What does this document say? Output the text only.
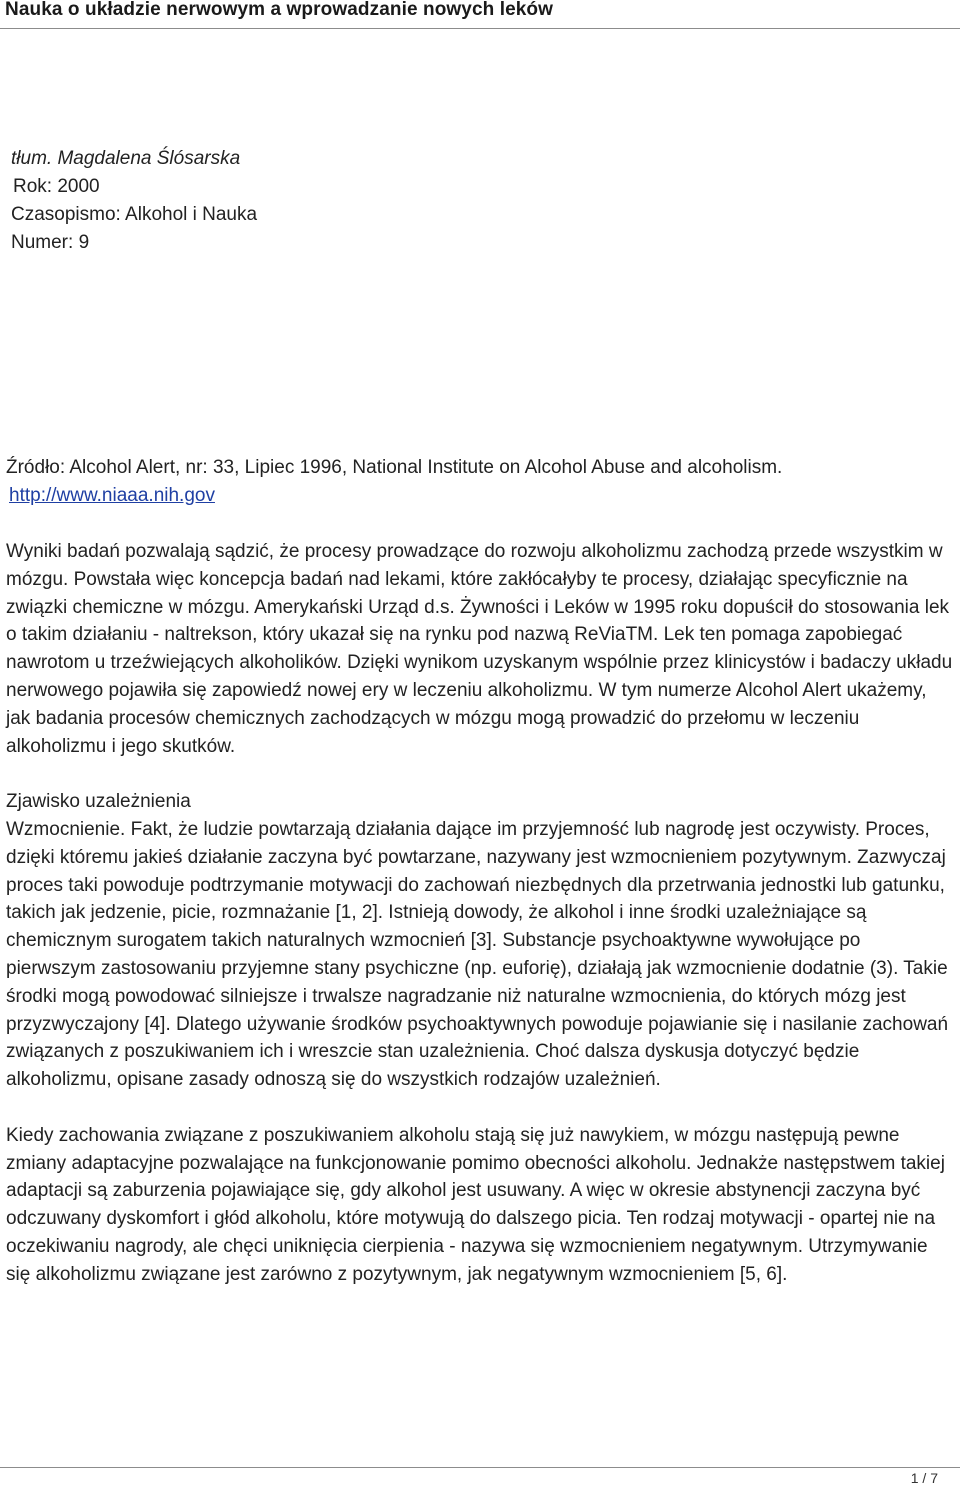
Nauka o układzie nerwowym a wprowadzanie nowych leków
tłum. Magdalena Ślósarska
Rok: 2000
Czasopismo: Alkohol i Nauka
Numer: 9
Źródło: Alcohol Alert, nr: 33, Lipiec 1996, National Institute on Alcohol Abuse and alcoholism.
http://www.niaaa.nih.gov

Wyniki badań pozwalają sądzić, że procesy prowadzące do rozwoju alkoholizmu zachodzą przede wszystkim w mózgu. Powstała więc koncepcja badań nad lekami, które zakłócałyby te procesy, działając specyficznie na związki chemiczne w mózgu. Amerykański Urząd d.s. Żywności i Leków w 1995 roku dopuścił do stosowania lek o takim działaniu - naltrekson, który ukazał się na rynku pod nazwą ReViaTM. Lek ten pomaga zapobiegać nawrotom u trzeźwiejących alkoholików. Dzięki wynikom uzyskanym wspólnie przez klinicystów i badaczy układu nerwowego pojawiła się zapowiedź nowej ery w leczeniu alkoholizmu. W tym numerze Alcohol Alert ukażemy, jak badania procesów chemicznych zachodzących w mózgu mogą prowadzić do przełomu w leczeniu alkoholizmu i jego skutków.

Zjawisko uzależnienia

Wzmocnienie. Fakt, że ludzie powtarzają działania dające im przyjemność lub nagrodę jest oczywisty. Proces, dzięki któremu jakieś działanie zaczyna być powtarzane, nazywany jest wzmocnieniem pozytywnym. Zazwyczaj proces taki powoduje podtrzymanie motywacji do zachowań niezbędnych dla przetrwania jednostki lub gatunku, takich jak jedzenie, picie, rozmnażanie [1, 2]. Istnieją dowody, że alkohol i inne środki uzależniające są chemicznym surogatem takich naturalnych wzmocnień [3]. Substancje psychoaktywne wywołujące po pierwszym zastosowaniu przyjemne stany psychiczne (np. euforię), działają jak wzmocnienie dodatnie (3). Takie środki mogą powodować silniejsze i trwalsze nagradzanie niż naturalne wzmocnienia, do których mózg jest przyzwyczajony [4]. Dlatego używanie środków psychoaktywnych powoduje pojawianie się i nasilanie zachowań związanych z poszukiwaniem ich i wreszcie stan uzależnienia. Choć dalsza dyskusja dotyczyć będzie alkoholizmu, opisane zasady odnoszą się do wszystkich rodzajów uzależnień.

Kiedy zachowania związane z poszukiwaniem alkoholu stają się już nawykiem, w mózgu następują pewne zmiany adaptacyjne pozwalające na funkcjonowanie pomimo obecności alkoholu. Jednakże następstwem takiej adaptacji są zaburzenia pojawiające się, gdy alkohol jest usuwany. A więc w okresie abstynencji zaczyna być odczuwany dyskomfort i głód alkoholu, które motywują do dalszego picia. Ten rodzaj motywacji - opartej nie na oczekiwaniu nagrody, ale chęci uniknięcia cierpienia - nazywa się wzmocnieniem negatywnym. Utrzymywanie się alkoholizmu związane jest zarówno z pozytywnym, jak negatywnym wzmocnieniem [5, 6].

1 / 7
